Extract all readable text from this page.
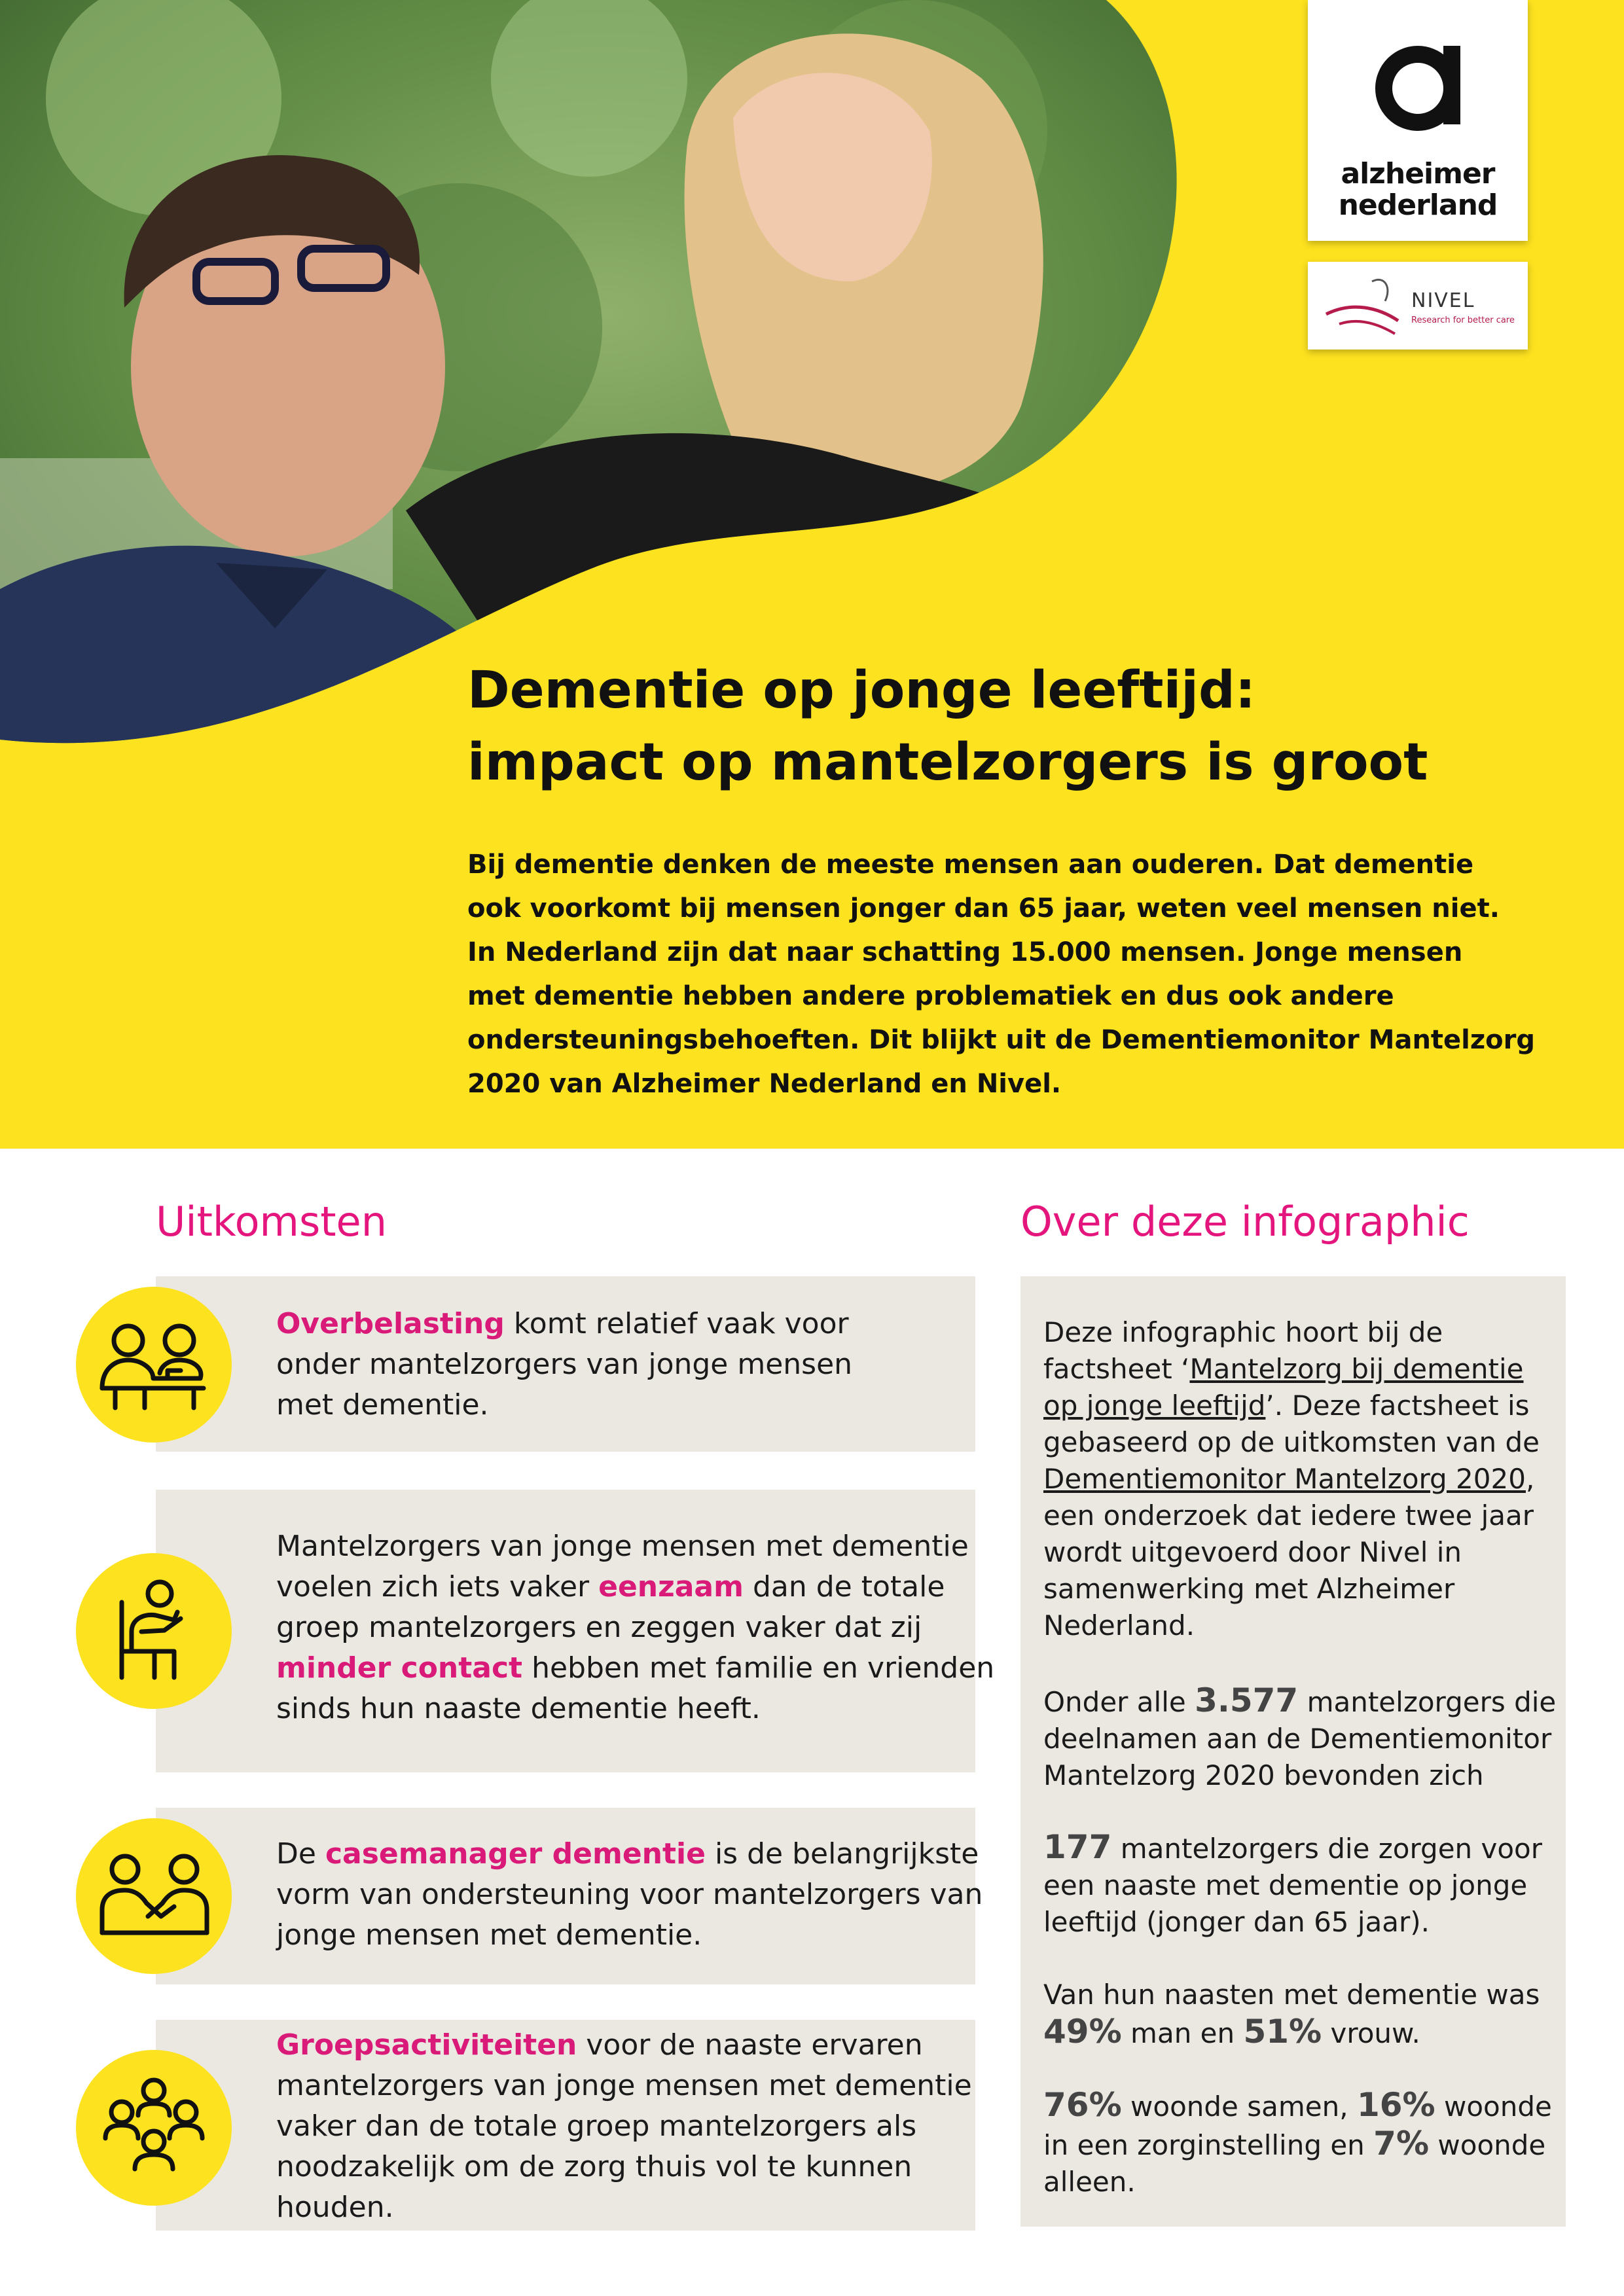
alzheimer
nederland
NIVEL
Research for better care
Dementie op jonge leeftijd:
impact op mantelzorgers is groot
Bij dementie denken de meeste mensen aan ouderen. Dat dementie
ook voorkomt bij mensen jonger dan 65 jaar, weten veel mensen niet.
In Nederland zijn dat naar schatting 15.000 mensen. Jonge mensen
met dementie hebben andere problematiek en dus ook andere
ondersteuningsbehoeften. Dit blijkt uit de Dementiemonitor Mantelzorg
2020 van Alzheimer Nederland en Nivel.
Uitkomsten	Over deze infographic
Overbelasting komt relatief vaak voor
onder mantelzorgers van jonge mensen
met dementie.
Mantelzorgers van jonge mensen met dementie
voelen zich iets vaker eenzaam dan de totale
groep mantelzorgers en zeggen vaker dat zij
minder contact hebben met familie en vrienden
sinds hun naaste dementie heeft.
De casemanager dementie is de belangrijkste
vorm van ondersteuning voor mantelzorgers van
jonge mensen met dementie.
Groepsactiviteiten voor de naaste ervaren
mantelzorgers van jonge mensen met dementie
vaker dan de totale groep mantelzorgers als
noodzakelijk om de zorg thuis vol te kunnen
houden.
Deze infographic hoort bij de
factsheet ‘Mantelzorg bij dementie
op jonge leeftijd’. Deze factsheet is
gebaseerd op de uitkomsten van de
Dementiemonitor Mantelzorg 2020,
een onderzoek dat iedere twee jaar
wordt uitgevoerd door Nivel in
samenwerking met Alzheimer
Nederland.
Onder alle 3.577 mantelzorgers die
deelnamen aan de Dementiemonitor
Mantelzorg 2020 bevonden zich
177 mantelzorgers die zorgen voor
een naaste met dementie op jonge
leeftijd (jonger dan 65 jaar).
Van hun naasten met dementie was
49% man en 51% vrouw.
76% woonde samen, 16% woonde
in een zorginstelling en 7% woonde
alleen.
